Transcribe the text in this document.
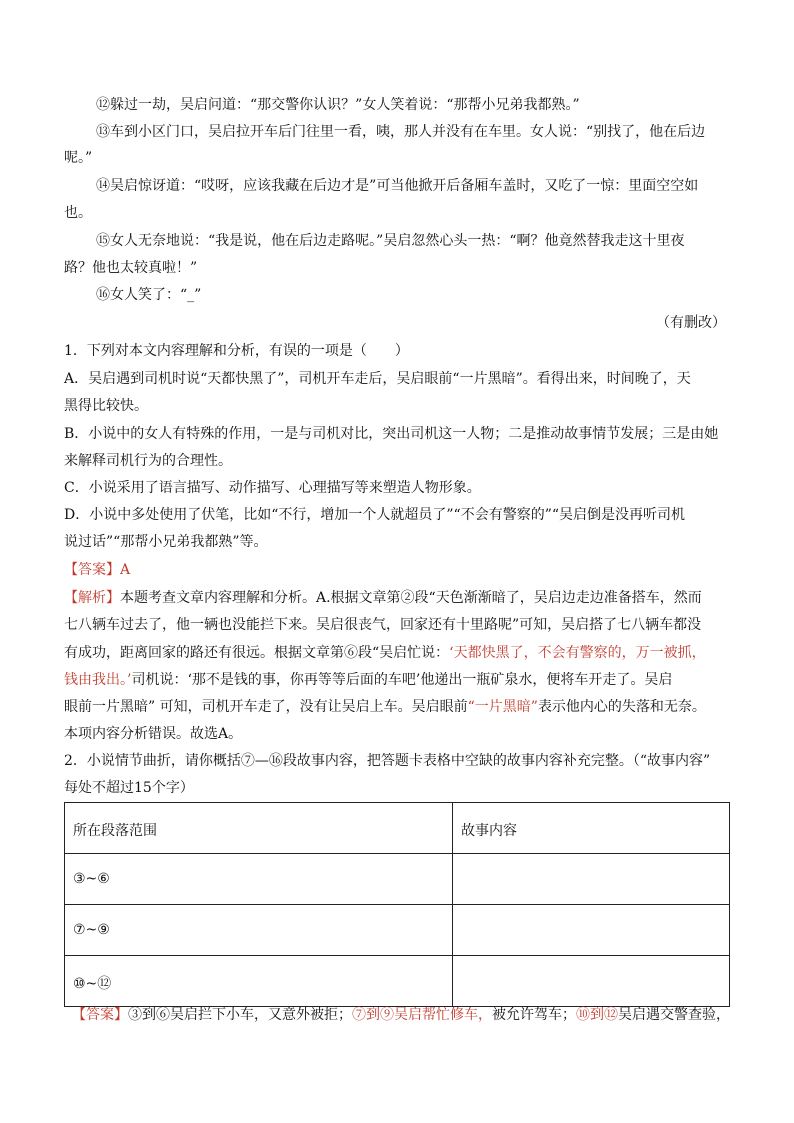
⑫躲过一劫，吴启问道：“那交警你认识？”女人笑着说：“那帮小兄弟我都熟。”
⑬车到小区门口，吴启拉开车后门往里一看，咦，那人并没有在车里。女人说：“别找了，他在后边
呢。”
⑭吴启惊讶道：“哎呀，应该我藏在后边才是”可当他掀开后备厢车盖时，又吃了一惊：里面空空如
也。
⑮女人无奈地说：“我是说，他在后边走路呢。”吴启忽然心头一热：“啊？他竟然替我走这十里夜
路？他也太较真啦！”
⑯女人笑了：“_”
（有删改）
1．下列对本文内容理解和分析，有误的一项是（　　）
A．吴启遇到司机时说“天都快黑了”，司机开车走后，吴启眼前“一片黑暗”。看得出来，时间晚了，天
黑得比较快。
B．小说中的女人有特殊的作用，一是与司机对比，突出司机这一人物；二是推动故事情节发展；三是由她
来解释司机行为的合理性。
C．小说采用了语言描写、动作描写、心理描写等来塑造人物形象。
D．小说中多处使用了伏笔，比如“不行，增加一个人就超员了”“不会有警察的”“吴启倒是没再听司机
说过话”“那帮小兄弟我都熟”等。
【答案】A
【解析】本题考查文章内容理解和分析。A.根据文章第②段“天色渐渐暗了，吴启边走边准备搭车，然而
七八辆车过去了，他一辆也没能拦下来。吴启很丧气，回家还有十里路呢”可知，吴启搭了七八辆车都没
有成功，距离回家的路还有很远。根据文章第⑥段“吴启忙说：‘天都快黑了，不会有警察的，万一被抓，
钱由我出。’司机说：‘那不是钱的事，你再等等后面的车吧’他递出一瓶矿泉水，便将车开走了。吴启
眼前一片黑暗” 可知，司机开车走了，没有让吴启上车。吴启眼前“一片黑暗”表示他内心的失落和无奈。
本项内容分析错误。故选A。
2．小说情节曲折，请你概括⑦—⑯段故事内容，把答题卡表格中空缺的故事内容补充完整。（“故事内容”
每处不超过15个字）
所在段落范围	故事内容

③~⑥	

⑦~⑨	

⑩~⑫	

【答案】③到⑥吴启拦下小车，又意外被拒；⑦到⑨吴启帮忙修车，被允许驾车；⑩到⑫吴启遇交警查验，
